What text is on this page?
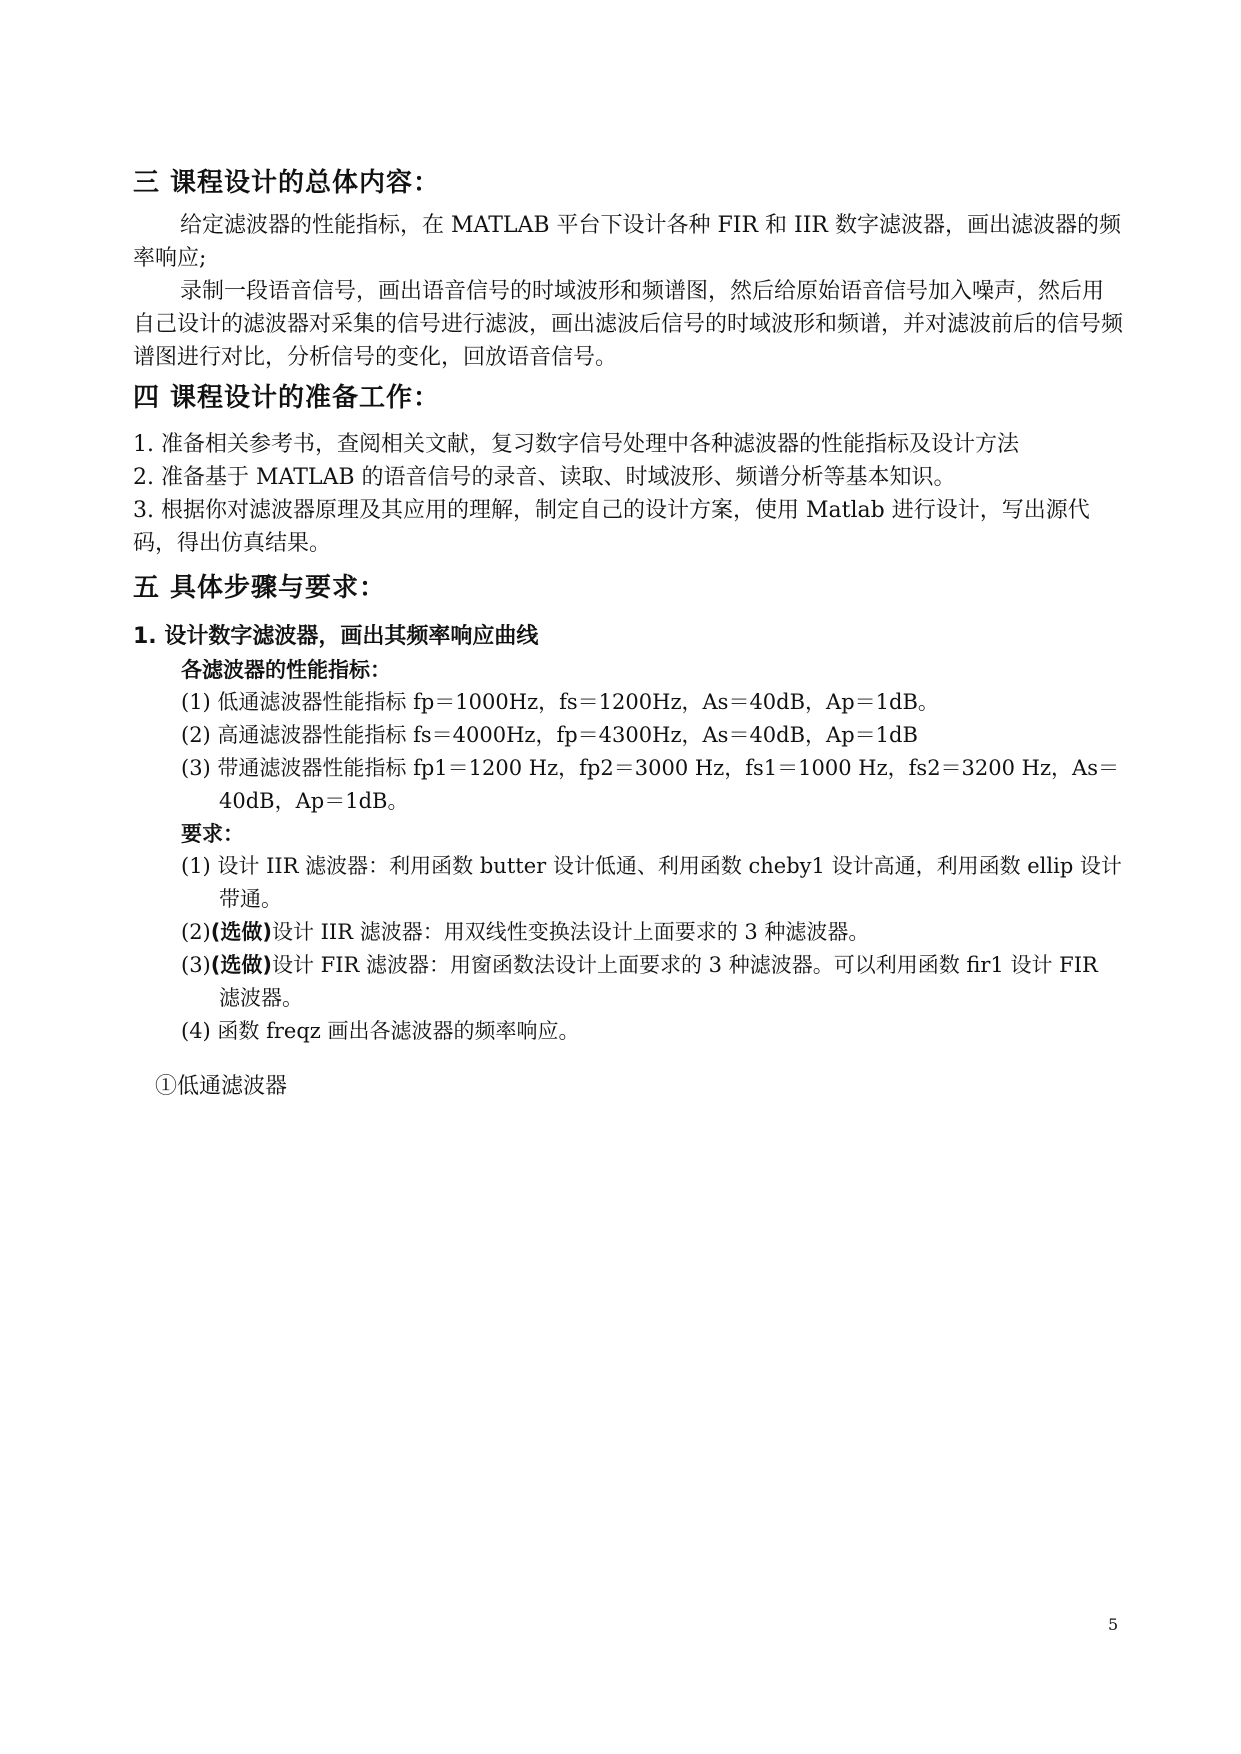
三 课程设计的总体内容：

给定滤波器的性能指标，在 MATLAB 平台下设计各种 FIR 和 IIR 数字滤波器，画出滤波器的频率响应;

录制一段语音信号，画出语音信号的时域波形和频谱图，然后给原始语音信号加入噪声，然后用自己设计的滤波器对采集的信号进行滤波，画出滤波后信号的时域波形和频谱，并对滤波前后的信号频谱图进行对比，分析信号的变化，回放语音信号。

四 课程设计的准备工作：

1. 准备相关参考书，查阅相关文献，复习数字信号处理中各种滤波器的性能指标及设计方法

2. 准备基于 MATLAB 的语音信号的录音、读取、时域波形、频谱分析等基本知识。

3. 根据你对滤波器原理及其应用的理解，制定自己的设计方案，使用 Matlab 进行设计，写出源代码，得出仿真结果。

五 具体步骤与要求：

1. 设计数字滤波器，画出其频率响应曲线

各滤波器的性能指标：

(1) 低通滤波器性能指标 fp＝1000Hz，fs＝1200Hz，As＝40dB，Ap＝1dB。

(2) 高通滤波器性能指标 fs＝4000Hz，fp＝4300Hz，As＝40dB，Ap＝1dB

(3) 带通滤波器性能指标 fp1＝1200 Hz，fp2＝3000 Hz，fs1＝1000 Hz，fs2＝3200 Hz，As＝40dB，Ap＝1dB。

要求：

(1) 设计 IIR 滤波器：利用函数 butter 设计低通、利用函数 cheby1 设计高通，利用函数 ellip 设计带通。

(2)(选做)设计 IIR 滤波器：用双线性变换法设计上面要求的 3 种滤波器。

(3)(选做)设计 FIR 滤波器：用窗函数法设计上面要求的 3 种滤波器。可以利用函数 fir1 设计 FIR 滤波器。

(4) 函数 freqz 画出各滤波器的频率响应。

①低通滤波器

5
